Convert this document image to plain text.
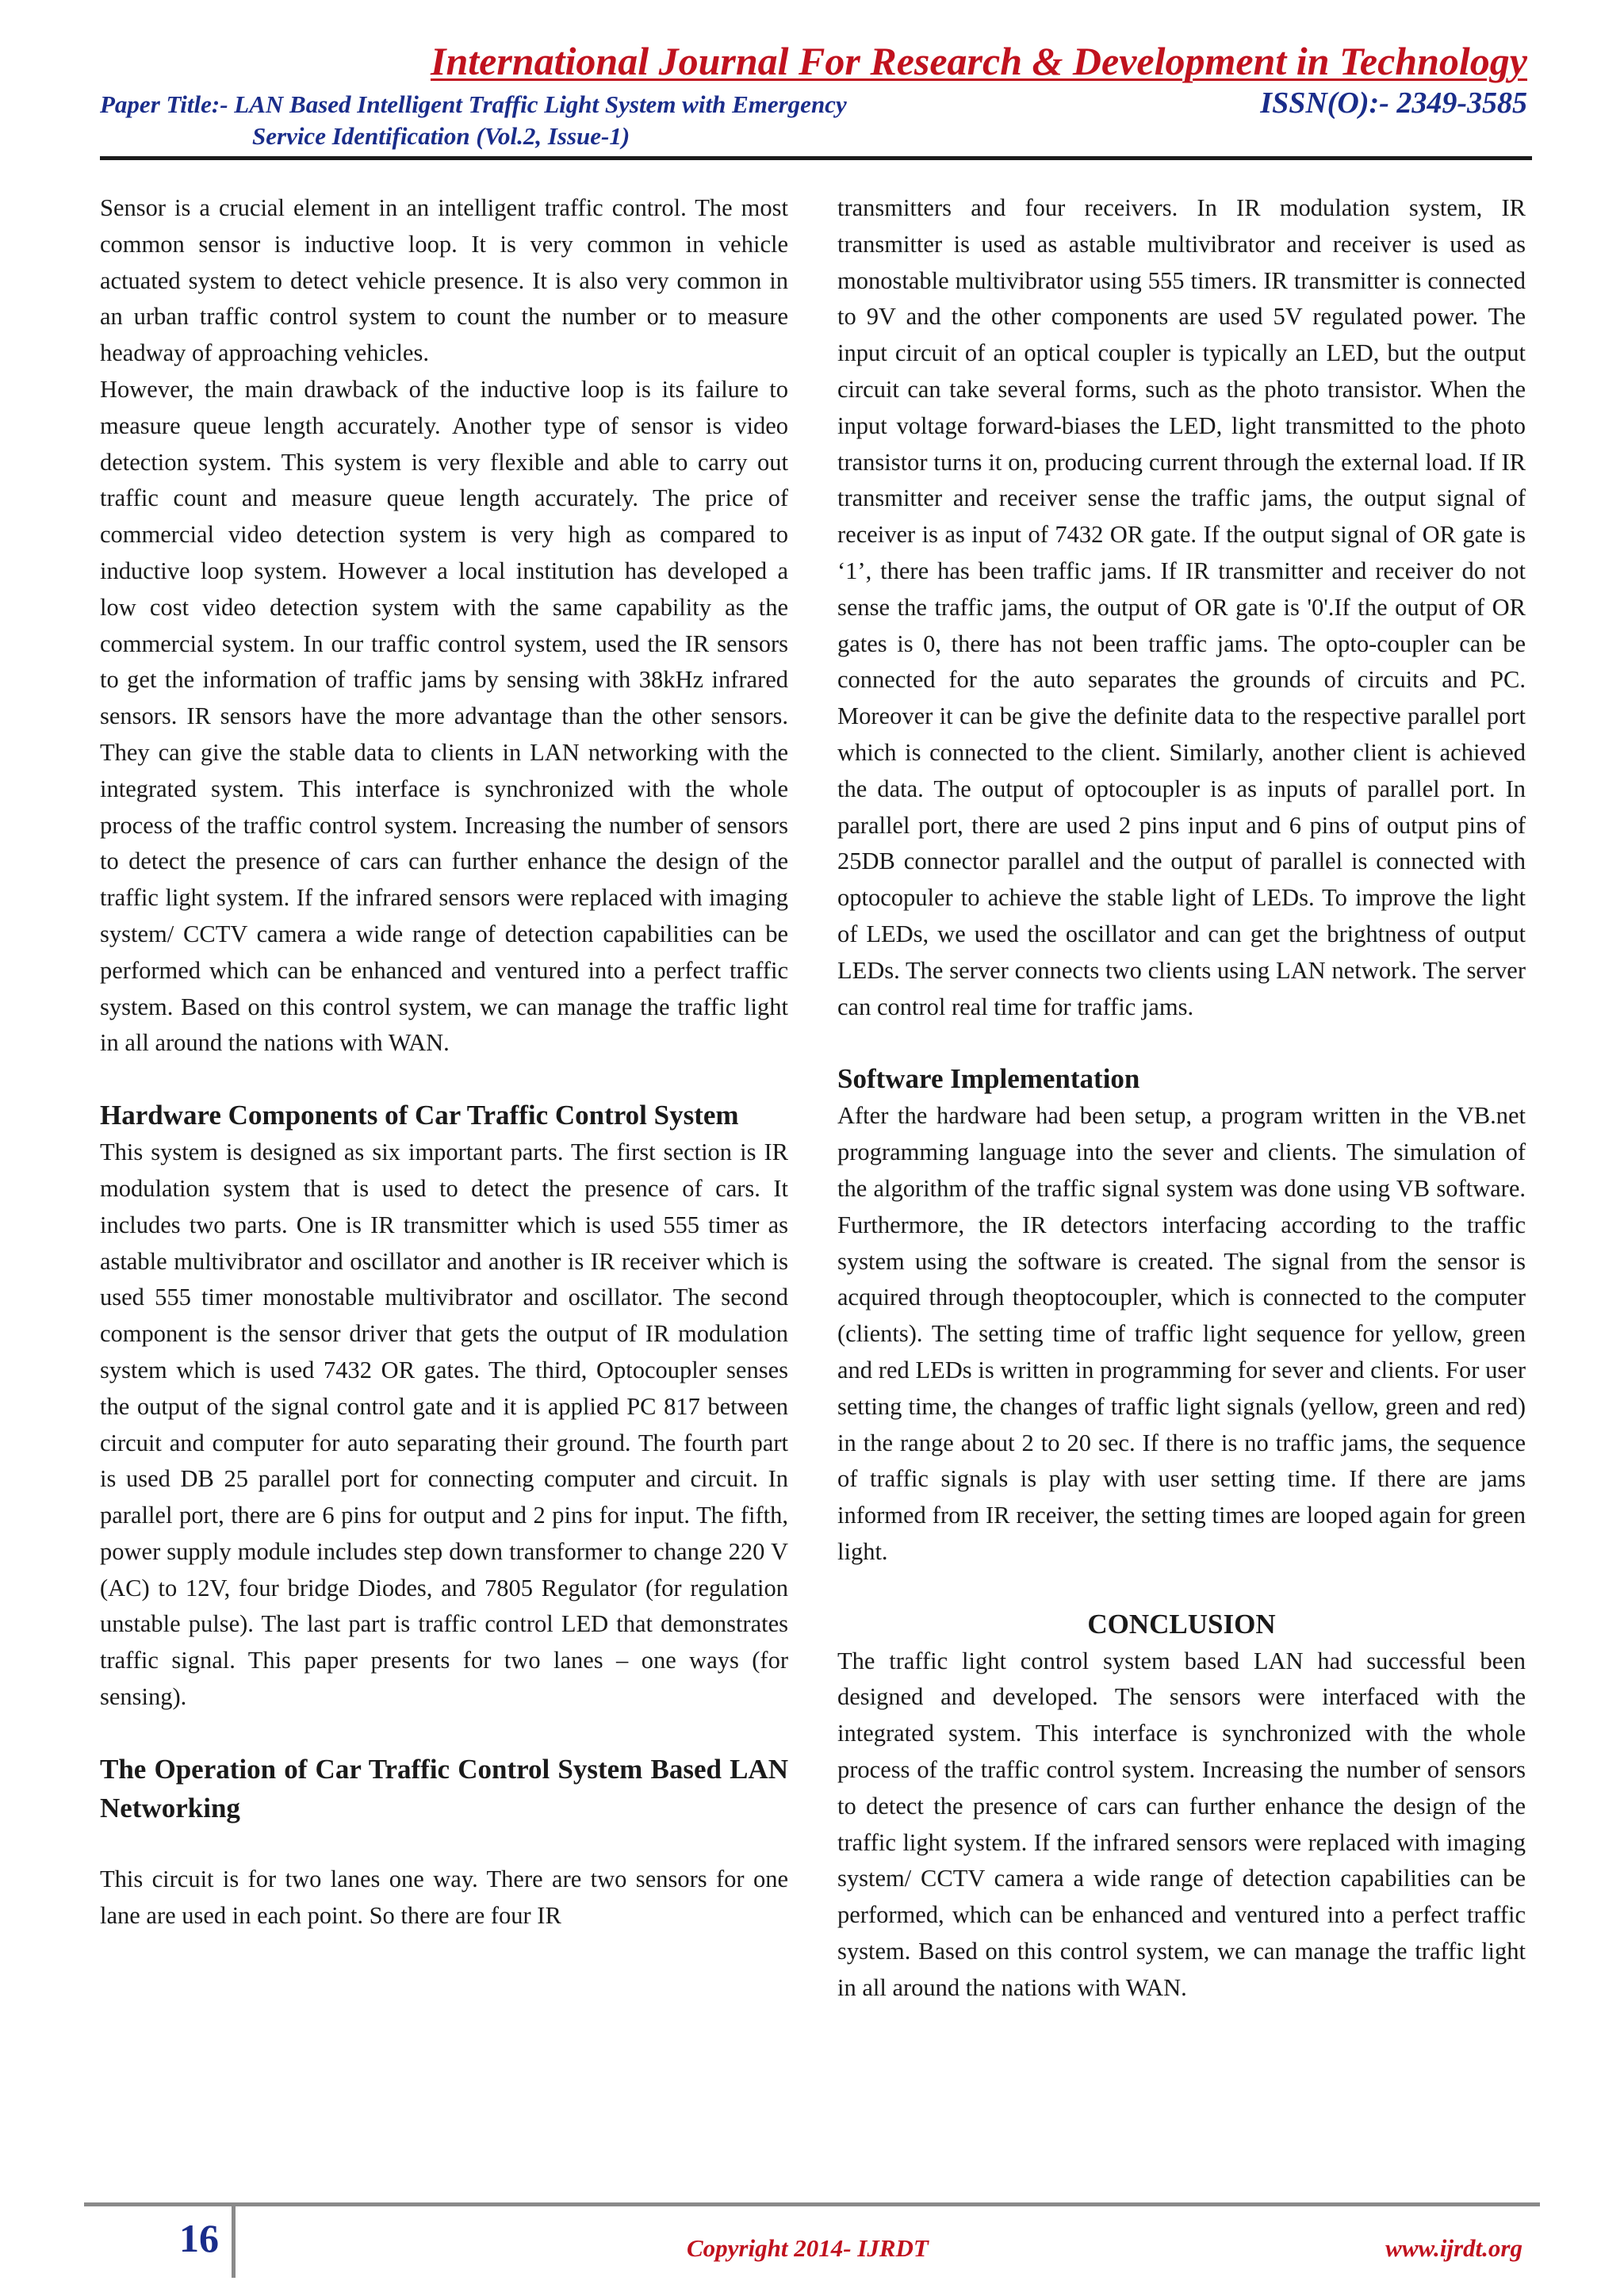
International Journal For Research & Development in Technology
Paper Title:- LAN Based Intelligent Traffic Light System with Emergency
Service Identification (Vol.2, Issue-1)
ISSN(O):- 2349-3585

Sensor is a crucial element in an intelligent traffic control. The most common sensor is inductive loop. It is very common in vehicle actuated system to detect vehicle presence. It is also very common in an urban traffic control system to count the number or to measure headway of approaching vehicles.

However, the main drawback of the inductive loop is its failure to measure queue length accurately. Another type of sensor is video detection system. This system is very flexible and able to carry out traffic count and measure queue length accurately. The price of commercial video detection system is very high as compared to inductive loop system. However a local institution has developed a low cost video detection system with the same capability as the commercial system. In our traffic control system, used the IR sensors to get the information of traffic jams by sensing with 38kHz infrared sensors. IR sensors have the more advantage than the other sensors. They can give the stable data to clients in LAN networking with the integrated system. This interface is synchronized with the whole process of the traffic control system. Increasing the number of sensors to detect the presence of cars can further enhance the design of the traffic light system. If the infrared sensors were replaced with imaging system/ CCTV camera a wide range of detection capabilities can be performed which can be enhanced and ventured into a perfect traffic system. Based on this control system, we can manage the traffic light in all around the nations with WAN.

Hardware Components of Car Traffic Control System

This system is designed as six important parts. The first section is IR modulation system that is used to detect the presence of cars. It includes two parts. One is IR transmitter which is used 555 timer as astable multivibrator and oscillator and another is IR receiver which is used 555 timer monostable multivibrator and oscillator. The second component is the sensor driver that gets the output of IR modulation system which is used 7432 OR gates. The third, Optocoupler senses the output of the signal control gate and it is applied PC 817 between circuit and computer for auto separating their ground. The fourth part is used DB 25 parallel port for connecting computer and circuit. In parallel port, there are 6 pins for output and 2 pins for input. The fifth, power supply module includes step down transformer to change 220 V (AC) to 12V, four bridge Diodes, and 7805 Regulator (for regulation unstable pulse). The last part is traffic control LED that demonstrates traffic signal. This paper presents for two lanes – one ways (for sensing).

The Operation of Car Traffic Control System Based LAN Networking

This circuit is for two lanes one way. There are two sensors for one lane are used in each point. So there are four IR

transmitters and four receivers. In IR modulation system, IR transmitter is used as astable multivibrator and receiver is used as monostable multivibrator using 555 timers. IR transmitter is connected to 9V and the other components are used 5V regulated power. The input circuit of an optical coupler is typically an LED, but the output circuit can take several forms, such as the photo transistor. When the input voltage forward-biases the LED, light transmitted to the photo transistor turns it on, producing current through the external load. If IR transmitter and receiver sense the traffic jams, the output signal of receiver is as input of 7432 OR gate. If the output signal of OR gate is ‘1’, there has been traffic jams. If IR transmitter and receiver do not sense the traffic jams, the output of OR gate is '0'.If the output of OR gates is 0, there has not been traffic jams. The opto-coupler can be connected for the auto separates the grounds of circuits and PC. Moreover it can be give the definite data to the respective parallel port which is connected to the client. Similarly, another client is achieved the data. The output of optocoupler is as inputs of parallel port. In parallel port, there are used 2 pins input and 6 pins of output pins of 25DB connector parallel and the output of parallel is connected with optocopuler to achieve the stable light of LEDs. To improve the light of LEDs, we used the oscillator and can get the brightness of output LEDs. The server connects two clients using LAN network. The server can control real time for traffic jams.

Software Implementation

After the hardware had been setup, a program written in the VB.net programming language into the sever and clients. The simulation of the algorithm of the traffic signal system was done using VB software. Furthermore, the IR detectors interfacing according to the traffic system using the software is created. The signal from the sensor is acquired through theoptocoupler, which is connected to the computer (clients). The setting time of traffic light sequence for yellow, green and red LEDs is written in programming for sever and clients. For user setting time, the changes of traffic light signals (yellow, green and red) in the range about 2 to 20 sec. If there is no traffic jams, the sequence of traffic signals is play with user setting time. If there are jams informed from IR receiver, the setting times are looped again for green light.

CONCLUSION

The traffic light control system based LAN had successful been designed and developed. The sensors were interfaced with the integrated system. This interface is synchronized with the whole process of the traffic control system. Increasing the number of sensors to detect the presence of cars can further enhance the design of the traffic light system. If the infrared sensors were replaced with imaging system/ CCTV camera a wide range of detection capabilities can be performed, which can be enhanced and ventured into a perfect traffic system. Based on this control system, we can manage the traffic light in all around the nations with WAN.

16	Copyright 2014- IJRDT	www.ijrdt.org
